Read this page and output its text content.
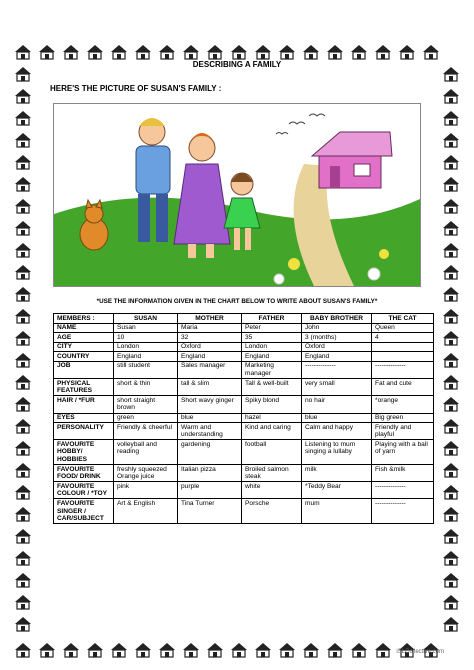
DESCRIBING A FAMILY
HERE'S THE PICTURE OF SUSAN'S FAMILY :
*USE THE INFORMATION GIVEN IN THE CHART BELOW TO WRITE ABOUT SUSAN'S FAMILY*
MEMBERS :	SUSAN	MOTHER	FATHER	BABY BROTHER	THE CAT
NAME	Susan	Maria	Peter	John	Queen
AGE	10	32	35	3 (months)	4
CITY	London	Oxford	London	Oxford	
COUNTRY	England	England	England	England	
JOB	still student	Sales manager	Marketing manager	--------------	--------------
PHYSICAL FEATURES	short & thin	tall & slim	Tall & well-built	very small	Fat and cute
HAIR / *FUR	short straight brown	Short wavy ginger	Spiky blond	no hair	*orange
EYES	green	blue	hazel	blue	Big green
PERSONALITY	Friendly & cheerful	Warm and understanding	Kind and caring	Calm and happy	Friendly and playful
FAVOURITE HOBBY/ HOBBIES	volleyball and reading	gardening	football	Listening to mum singing a lullaby	Playing with a ball of yarn
FAVOURITE FOOD/ DRINK	freshly squeezed Orange juice	Italian pizza	Broiled salmon steak	milk	Fish &milk
FAVOURITE COLOUR / *TOY	pink	purple	white	*Teddy Bear	--------------
FAVOURITE SINGER / CAR/SUBJECT	Art & English	Tina Turner	Porsche	mum	--------------
iSLCollective.com
